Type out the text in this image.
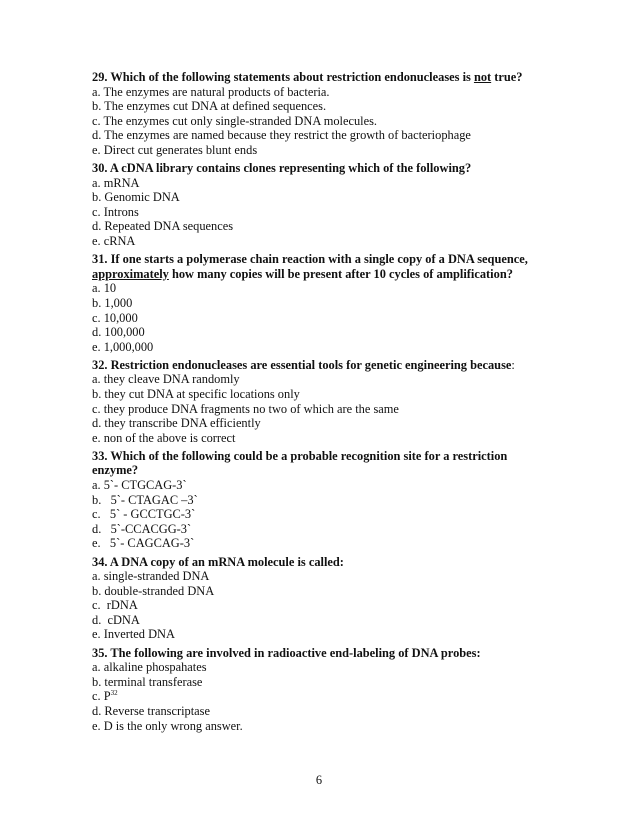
29. Which of the following statements about restriction endonucleases is not true?

a. The enzymes are natural products of bacteria.

b. The enzymes cut DNA at defined sequences.

c. The enzymes cut only single-stranded DNA molecules.

d. The enzymes are named because they restrict the growth of bacteriophage

e. Direct cut generates blunt ends

30. A cDNA library contains clones representing which of the following?

a. mRNA

b. Genomic DNA

c. Introns

d. Repeated DNA sequences

e. cRNA

31. If one starts a polymerase chain reaction with a single copy of a DNA sequence,
approximately how many copies will be present after 10 cycles of amplification?

a. 10

b. 1,000

c. 10,000

d. 100,000

e. 1,000,000

32. Restriction endonucleases are essential tools for genetic engineering because:

a. they cleave DNA randomly

b. they cut DNA at specific locations only

c. they produce DNA fragments no two of which are the same

d. they transcribe DNA efficiently

e. non of the above is correct

33. Which of the following could be a probable recognition site for a restriction
enzyme?

a. 5`- CTGCAG-3`

b.   5`- CTAGAC –3`

c.   5` - GCCTGC-3`

d.   5`-CCACGG-3`

e.   5`- CAGCAG-3`

34. A DNA copy of an mRNA molecule is called:

a. single-stranded DNA

b. double-stranded DNA

c.  rDNA

d.  cDNA

e. Inverted DNA

35. The following are involved in radioactive end-labeling of DNA probes:

a. alkaline phospahates

b. terminal transferase

c. $P^{32}$

d. Reverse transcriptase

e. D is the only wrong answer.

6
